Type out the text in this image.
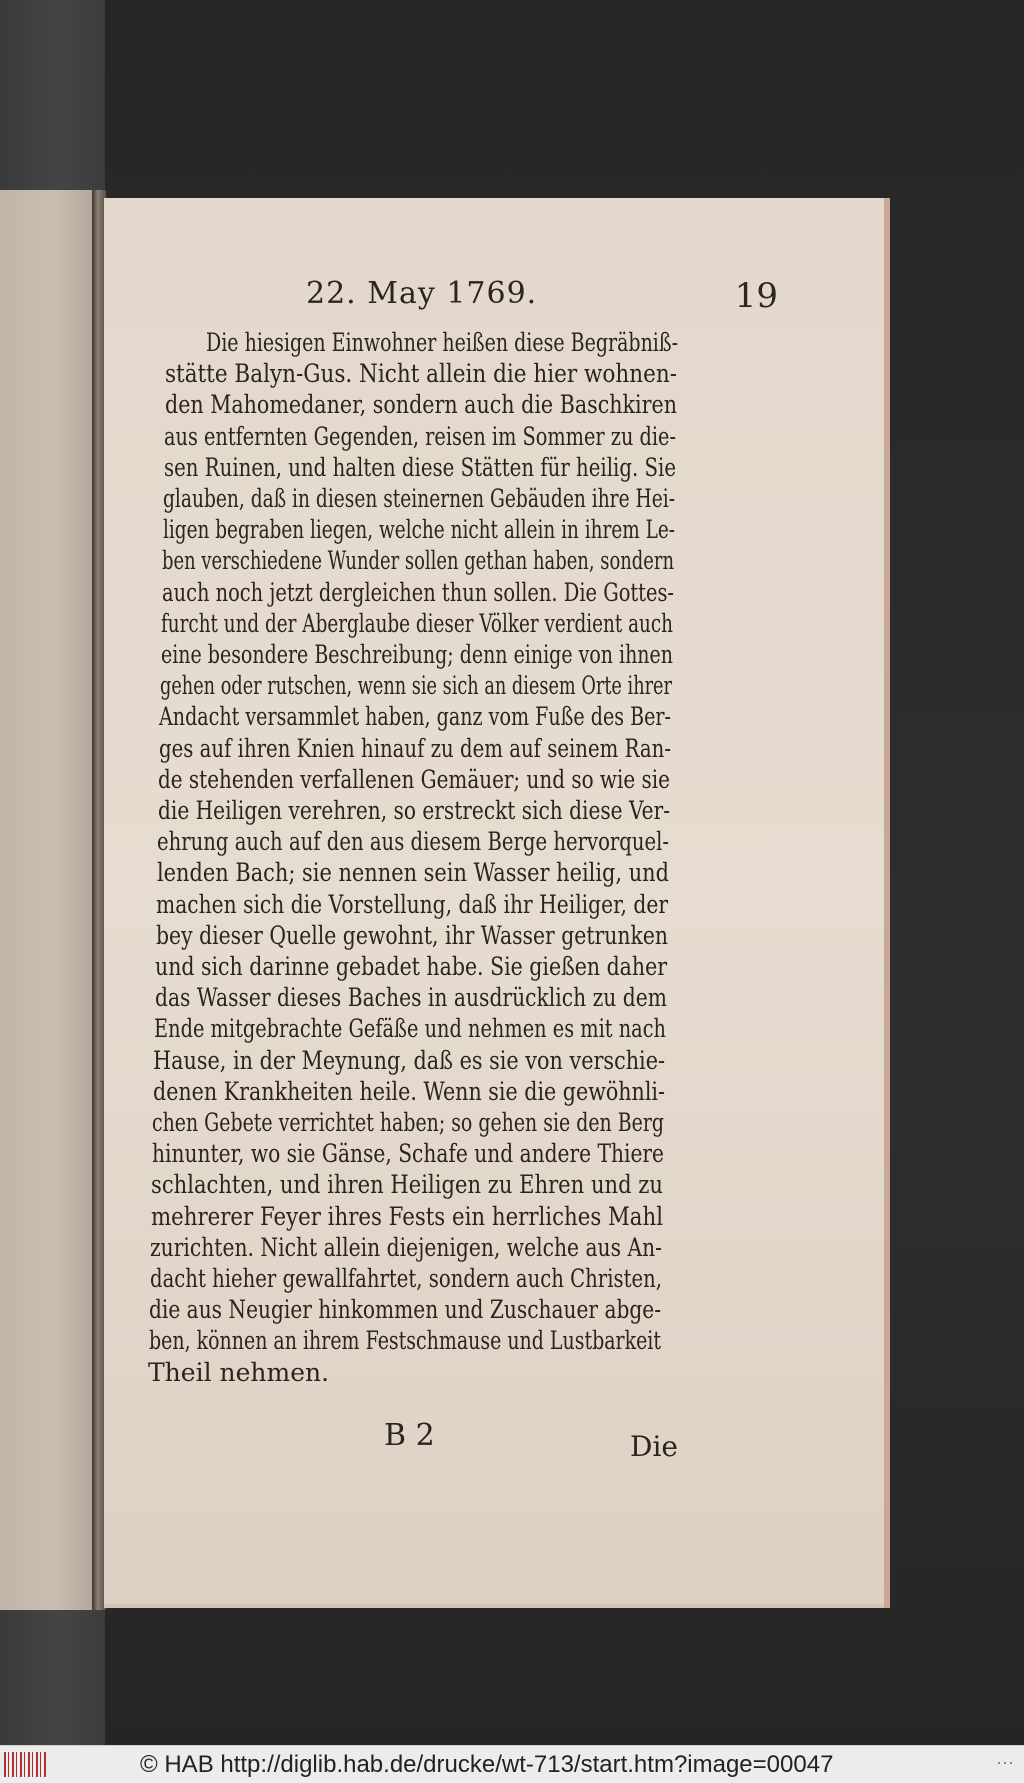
22. May 1769.	19
Die hiesigen Einwohner heißen diese Begräbniß-
stätte Balyn-Gus. Nicht allein die hier wohnen-
den Mahomedaner, sondern auch die Baschkiren
aus entfernten Gegenden, reisen im Sommer zu die-
sen Ruinen, und halten diese Stätten für heilig. Sie
glauben, daß in diesen steinernen Gebäuden ihre Hei-
ligen begraben liegen, welche nicht allein in ihrem Le-
ben verschiedene Wunder sollen gethan haben, sondern
auch noch jetzt dergleichen thun sollen. Die Gottes-
furcht und der Aberglaube dieser Völker verdient auch
eine besondere Beschreibung; denn einige von ihnen
gehen oder rutschen, wenn sie sich an diesem Orte ihrer
Andacht versammlet haben, ganz vom Fuße des Ber-
ges auf ihren Knien hinauf zu dem auf seinem Ran-
de stehenden verfallenen Gemäuer; und so wie sie
die Heiligen verehren, so erstreckt sich diese Ver-
ehrung auch auf den aus diesem Berge hervorquel-
lenden Bach; sie nennen sein Wasser heilig, und
machen sich die Vorstellung, daß ihr Heiliger, der
bey dieser Quelle gewohnt, ihr Wasser getrunken
und sich darinne gebadet habe. Sie gießen daher
das Wasser dieses Baches in ausdrücklich zu dem
Ende mitgebrachte Gefäße und nehmen es mit nach
Hause, in der Meynung, daß es sie von verschie-
denen Krankheiten heile. Wenn sie die gewöhnli-
chen Gebete verrichtet haben; so gehen sie den Berg
hinunter, wo sie Gänse, Schafe und andere Thiere
schlachten, und ihren Heiligen zu Ehren und zu
mehrerer Feyer ihres Fests ein herrliches Mahl
zurichten. Nicht allein diejenigen, welche aus An-
dacht hieher gewallfahrtet, sondern auch Christen,
die aus Neugier hinkommen und Zuschauer abge-
ben, können an ihrem Festschmause und Lustbarkeit
Theil nehmen.
B 2	Die
© HAB http://diglib.hab.de/drucke/wt-713/start.htm?image=00047	···
